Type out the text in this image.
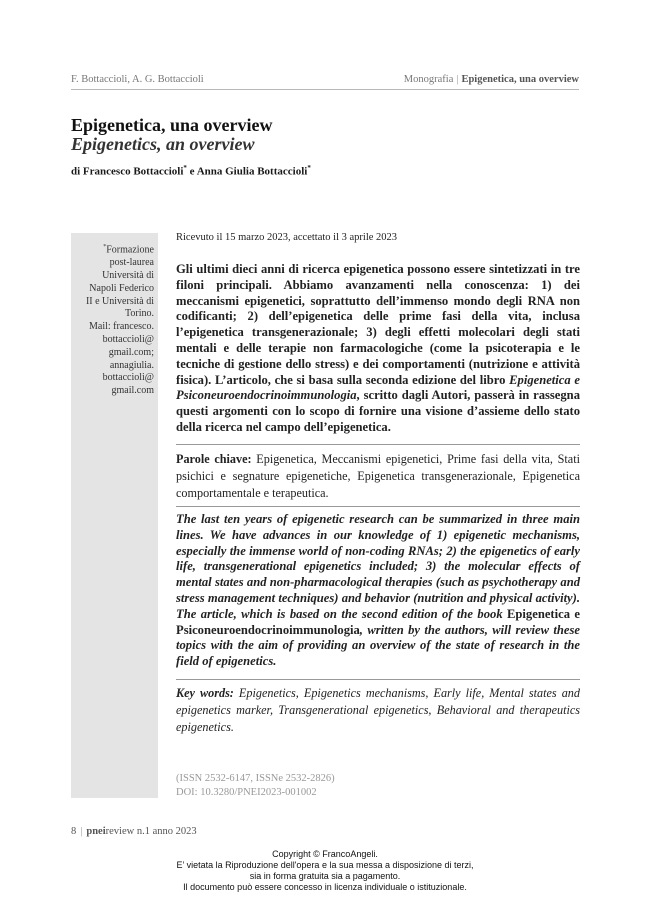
F. Bottaccioli, A. G. Bottaccioli	Monografia | Epigenetica, una overview
Epigenetica, una overview
Epigenetics, an overview
di Francesco Bottaccioli* e Anna Giulia Bottaccioli*
*Formazione
post-laurea
Università di
Napoli Federico
II e Università di
Torino.
Mail: francesco.
bottaccioli@
gmail.com;
annagiulia.
bottaccioli@
gmail.com
Ricevuto il 15 marzo 2023, accettato il 3 aprile 2023
Gli ultimi dieci anni di ricerca epigenetica possono essere sintetizzati in tre filoni principali. Abbiamo avanzamenti nella conoscenza: 1) dei meccanismi epigenetici, soprattutto dell’immenso mondo degli RNA non codificanti; 2) dell’epigenetica delle prime fasi della vita, inclusa l’epigenetica transgenerazionale; 3) degli effetti molecolari degli stati mentali e delle terapie non farmacologiche (come la psicoterapia e le tecniche di gestione dello stress) e dei comportamenti (nutrizione e attività fisica). L’articolo, che si basa sulla seconda edizione del libro Epigenetica e Psiconeuroendocrinoimmunologia, scritto dagli Autori, passerà in rassegna questi argomenti con lo scopo di fornire una visione d’assieme dello stato della ricerca nel campo dell’epigenetica.
Parole chiave: Epigenetica, Meccanismi epigenetici, Prime fasi della vita, Stati psichici e segnature epigenetiche, Epigenetica transgenerazionale, Epigenetica comportamentale e terapeutica.
The last ten years of epigenetic research can be summarized in three main lines. We have advances in our knowledge of 1) epigenetic mechanisms, especially the immense world of non-coding RNAs; 2) the epigenetics of early life, transgenerational epigenetics included; 3) the molecular effects of mental states and non-pharmacological therapies (such as psychotherapy and stress management techniques) and behavior (nutrition and physical activity). The article, which is based on the second edition of the book Epigenetica e Psiconeuroendocrinoimmunologia, written by the authors, will review these topics with the aim of providing an overview of the state of research in the field of epigenetics.
Key words: Epigenetics, Epigenetics mechanisms, Early life, Mental states and epigenetics marker, Transgenerational epigenetics, Behavioral and therapeutics epigenetics.
(ISSN 2532-6147, ISSNe 2532-2826)
DOI: 10.3280/PNEI2023-001002
8 | pneireview n.1 anno 2023
Copyright © FrancoAngeli.
E’ vietata la Riproduzione dell'opera e la sua messa a disposizione di terzi,
sia in forma gratuita sia a pagamento.
Il documento può essere concesso in licenza individuale o istituzionale.
